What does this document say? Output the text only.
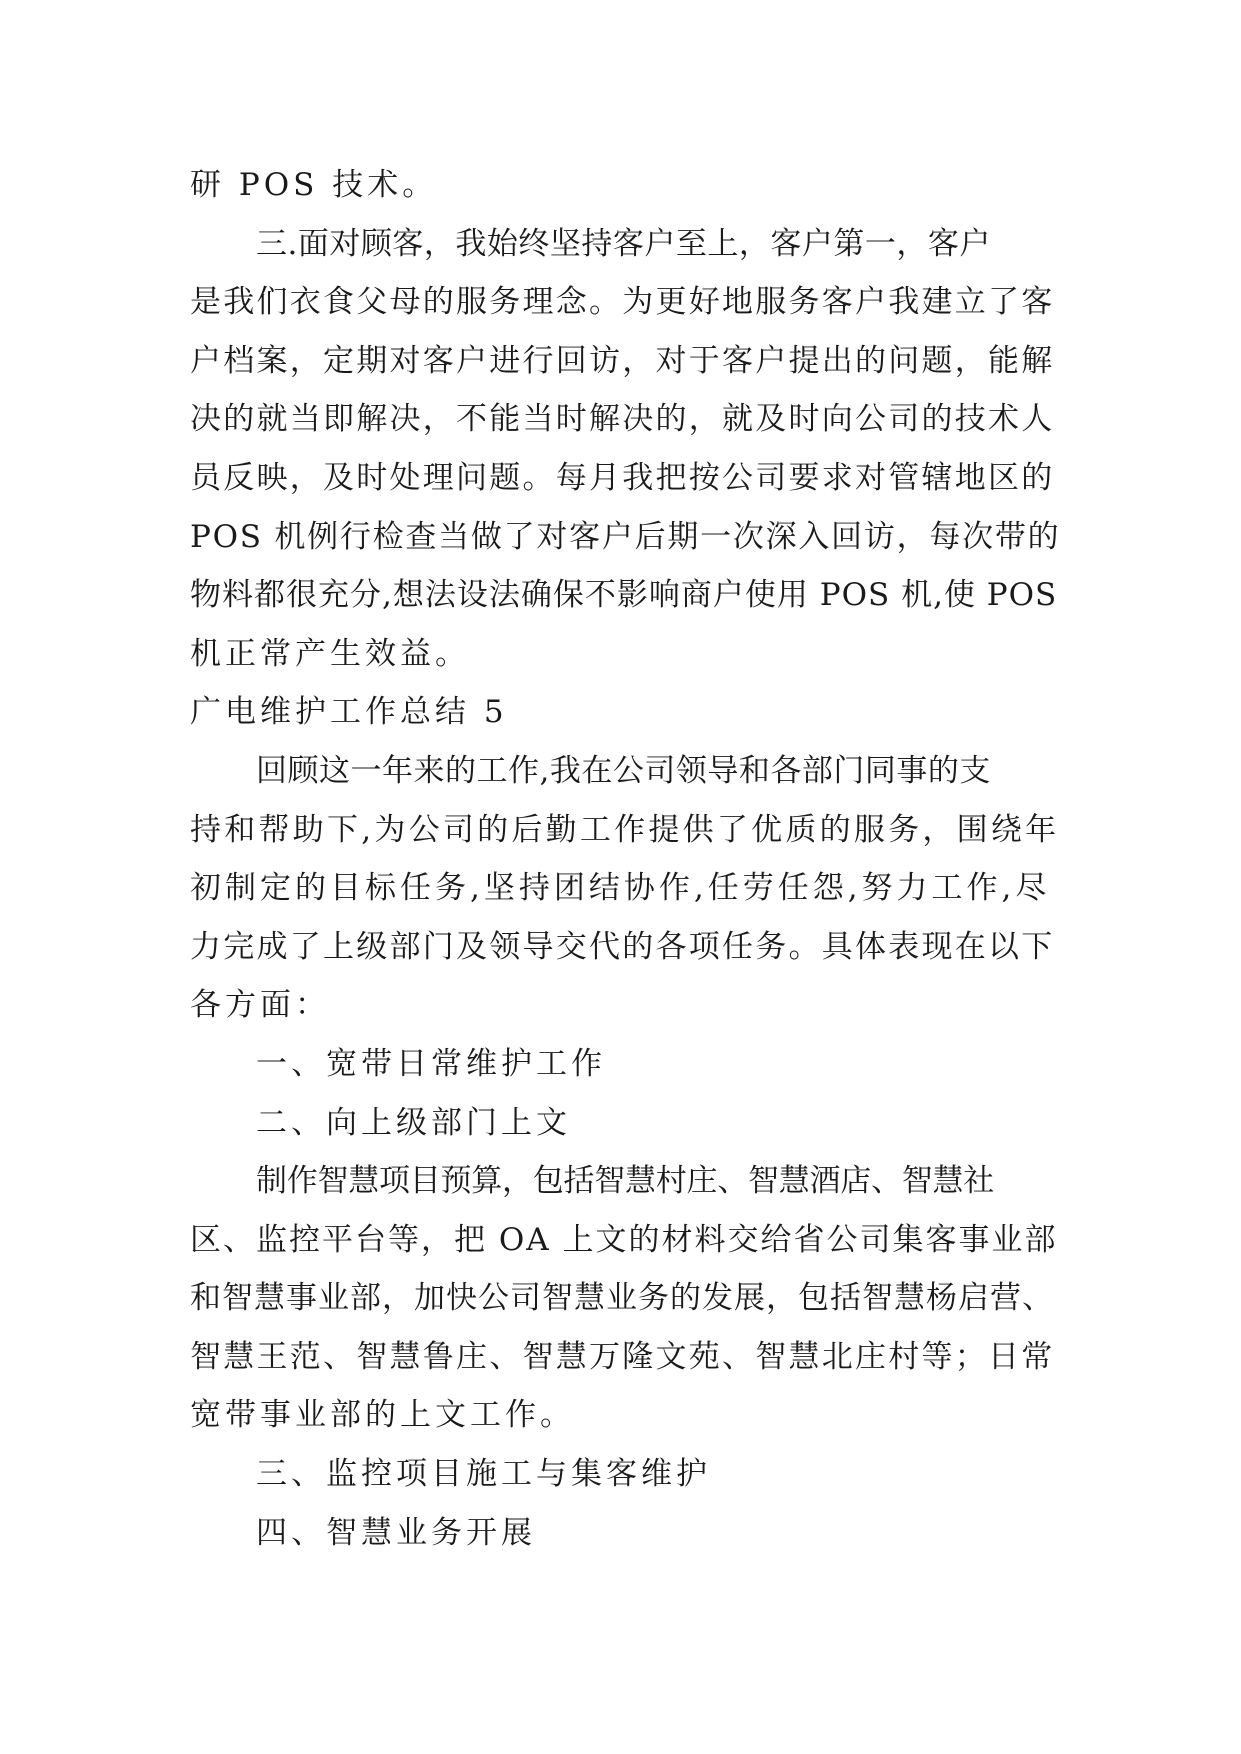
研 POS 技术。
三.面对顾客，我始终坚持客户至上，客户第一，客户
是我们衣食父母的服务理念。为更好地服务客户我建立了客
户档案，定期对客户进行回访，对于客户提出的问题，能解
决的就当即解决，不能当时解决的，就及时向公司的技术人
员反映，及时处理问题。每月我把按公司要求对管辖地区的
POS 机例行检查当做了对客户后期一次深入回访，每次带的
物料都很充分,想法设法确保不影响商户使用 POS 机,使 POS
机正常产生效益。
广电维护工作总结 5
回顾这一年来的工作,我在公司领导和各部门同事的支
持和帮助下,为公司的后勤工作提供了优质的服务，围绕年
初制定的目标任务,坚持团结协作,任劳任怨,努力工作,尽
力完成了上级部门及领导交代的各项任务。具体表现在以下
各方面：
一、宽带日常维护工作
二、向上级部门上文
制作智慧项目预算，包括智慧村庄、智慧酒店、智慧社
区、监控平台等，把 OA 上文的材料交给省公司集客事业部
和智慧事业部，加快公司智慧业务的发展，包括智慧杨启营、
智慧王范、智慧鲁庄、智慧万隆文苑、智慧北庄村等；日常
宽带事业部的上文工作。
三、监控项目施工与集客维护
四、智慧业务开展
